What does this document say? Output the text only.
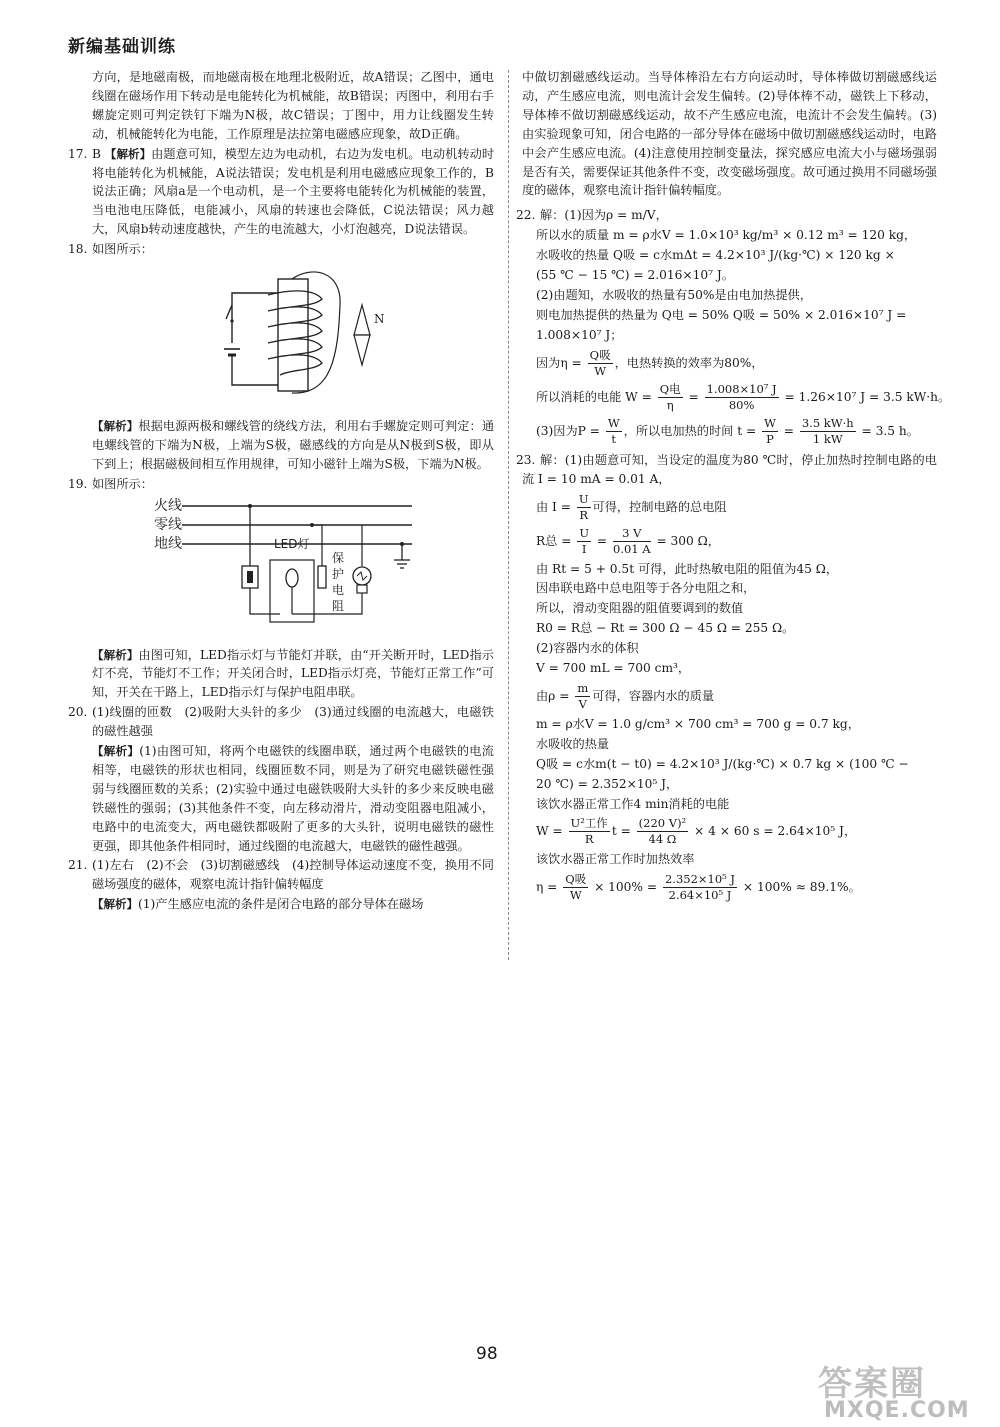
新编基础训练

方向，是地磁南极，而地磁南极在地理北极附近，故A错误；乙图中，通电线圈在磁场作用下转动是电能转化为机械能，故B错误；丙图中，利用右手螺旋定则可判定铁钉下端为N极，故C错误；丁图中，用力让线圈发生转动，机械能转化为电能，工作原理是法拉第电磁感应现象，故D正确。

17. B 【解析】由题意可知，模型左边为电动机，右边为发电机。电动机转动时将电能转化为机械能，A说法错误；发电机是利用电磁感应现象工作的，B说法正确；风扇a是一个电动机，是一个主要将电能转化为机械能的装置，当电池电压降低，电能减小，风扇的转速也会降低，C说法错误；风力越大，风扇b转动速度越快，产生的电流越大，小灯泡越亮，D说法错误。

18. 如图所示：

N

【解析】根据电源两极和螺线管的绕线方法，利用右手螺旋定则可判定：通电螺线管的下端为N极，上端为S极，磁感线的方向是从N极到S极，即从下到上；根据磁极间相互作用规律，可知小磁针上端为S极，下端为N极。

19. 如图所示：

火线
零线
地线	LED灯
保
护
电
阻

【解析】由图可知，LED指示灯与节能灯并联，由“开关断开时，LED指示灯不亮，节能灯不工作；开关闭合时，LED指示灯亮，节能灯正常工作”可知，开关在干路上，LED指示灯与保护电阻串联。

20. (1)线圈的匝数　(2)吸附大头针的多少　(3)通过线圈的电流越大，电磁铁的磁性越强

【解析】(1)由图可知，将两个电磁铁的线圈串联，通过两个电磁铁的电流相等，电磁铁的形状也相同，线圈匝数不同，则是为了研究电磁铁磁性强弱与线圈匝数的关系；(2)实验中通过电磁铁吸附大头针的多少来反映电磁铁磁性的强弱；(3)其他条件不变，向左移动滑片，滑动变阻器电阻减小，电路中的电流变大，两电磁铁都吸附了更多的大头针，说明电磁铁的磁性更强，即其他条件相同时，通过线圈的电流越大，电磁铁的磁性越强。

21. (1)左右　(2)不会　(3)切割磁感线　(4)控制导体运动速度不变，换用不同磁场强度的磁体，观察电流计指针偏转幅度

【解析】(1)产生感应电流的条件是闭合电路的部分导体在磁场

中做切割磁感线运动。当导体棒沿左右方向运动时，导体棒做切割磁感线运动，产生感应电流，则电流计会发生偏转。(2)导体棒不动，磁铁上下移动，导体棒不做切割磁感线运动，故不产生感应电流，电流计不会发生偏转。(3)由实验现象可知，闭合电路的一部分导体在磁场中做切割磁感线运动时，电路中会产生感应电流。(4)注意使用控制变量法，探究感应电流大小与磁场强弱是否有关，需要保证其他条件不变，改变磁场强度。故可通过换用不同磁场强度的磁体，观察电流计指针偏转幅度。

22. 解：(1)因为ρ = m/V，

所以水的质量 m = ρ水V = 1.0×10³ kg/m³ × 0.12 m³ = 120 kg，

水吸收的热量 Q吸 = c水mΔt = 4.2×10³ J/(kg·℃) × 120 kg ×

(55 ℃ − 15 ℃) = 2.016×10⁷ J。

(2)由题知，水吸收的热量有50%是由电加热提供，

则电加热提供的热量为 Q电 = 50% Q吸 = 50% × 2.016×10⁷ J =

1.008×10⁷ J；

因为$\eta = \frac{\text{Q吸}}{W}$ ，电热转换的效率为80%，
所以消耗的电能 $W = \frac{\text{Q电}}{\eta} = \frac{\text{1.008×10⁷ J}}{80\%} = 1.26\times 10^7$ J = 3.5 kW·h。
(3)因为$P = \frac{W}{t}$ ，所以电加热的时间 $t = \frac{W}{P} = \frac{3.5 kW\cdot h}{1 kW} = 3.5$ h。

23. 解：(1)由题意可知，当设定的温度为80 ℃时，停止加热时控制电路的电流 I = 10 mA = 0.01 A，

由 $I = \frac{U}{R}$ 可得，控制电路的总电阻
R总 = $\frac{U}{I} = \frac{3 V}{0.01 A} = 300$ Ω，

由 Rt = 5 + 0.5t 可得，此时热敏电阻的阻值为45 Ω，

因串联电路中总电阻等于各分电阻之和，

所以，滑动变阻器的阻值要调到的数值

R0 = R总 − Rt = 300 Ω − 45 Ω = 255 Ω。

(2)容器内水的体积

V = 700 mL = 700 cm³，

由$\rho = \frac{m}{V}$ 可得，容器内水的质量

m = ρ水V = 1.0 g/cm³ × 700 cm³ = 700 g = 0.7 kg，

水吸收的热量

Q吸 = c水m(t − t0) = 4.2×10³ J/(kg·℃) × 0.7 kg × (100 ℃ −

20 ℃) = 2.352×10⁵ J，

该饮水器正常工作4 min消耗的电能

$W = \frac{\text{U²工作}}{R}$ $t = \frac{\text{(220 V)²}}{44 \Omega} \times 4 \times 60$ s = 2.64×10⁵ J，

该饮水器正常工作时加热效率

$\eta = \frac{\text{Q吸}}{W} \times 100\% = \frac{\text{2.352×10⁵ J}}{\text{2.64×10⁵ J}} \times 100\% \approx 89.1\%$。
98
答案圈
MXQE.COM
